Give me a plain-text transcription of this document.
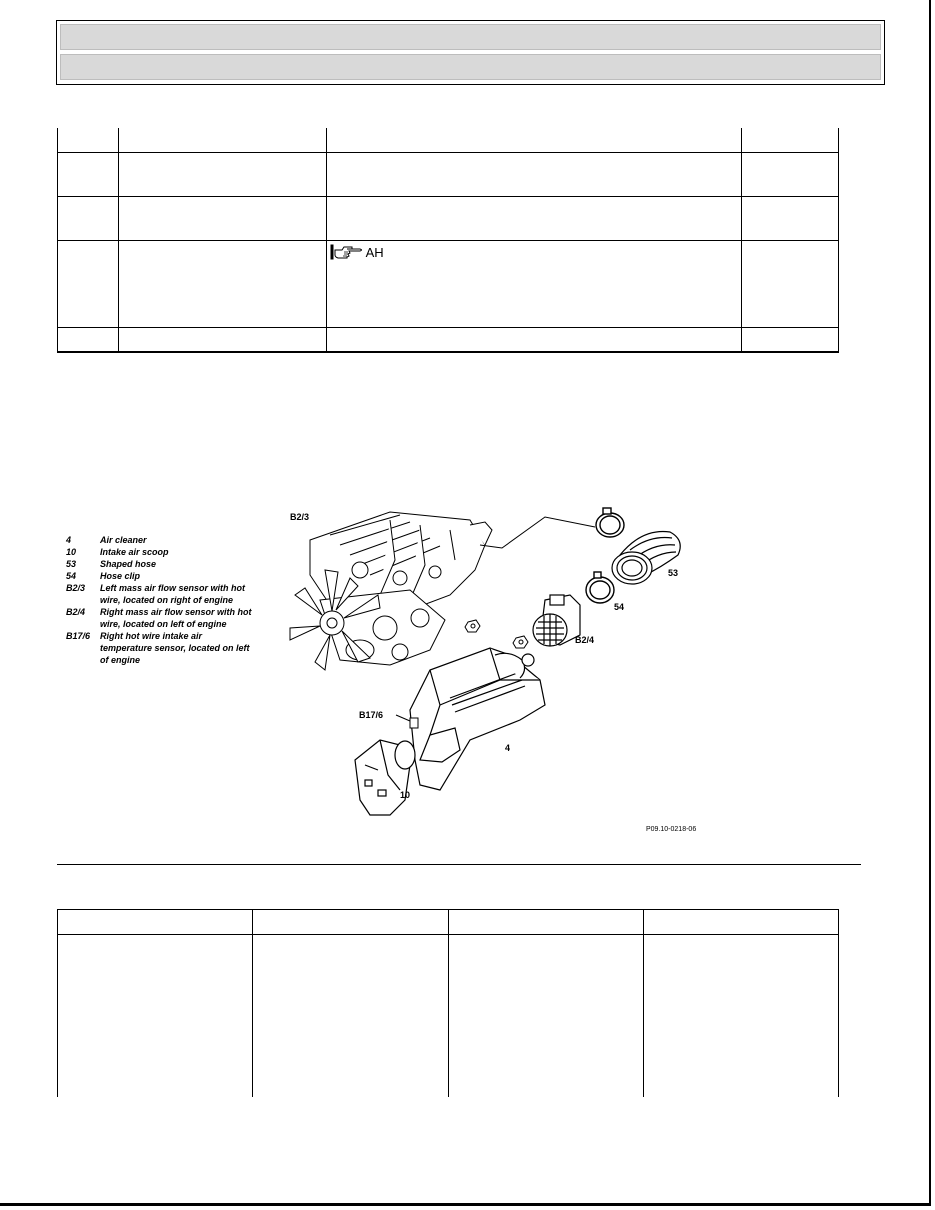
		AH	

4	Air cleaner
10	Intake air scoop
53	Shaped hose
54	Hose clip
B2/3	Left mass air flow sensor with hot wire, located on right of engine
B2/4	Right mass air flow sensor with hot wire, located on left of engine
B17/6	Right hot wire intake air temperature sensor, located on left of engine
B2/3
53
54
B2/4
B17/6
4
10
P09.10-0218-06
